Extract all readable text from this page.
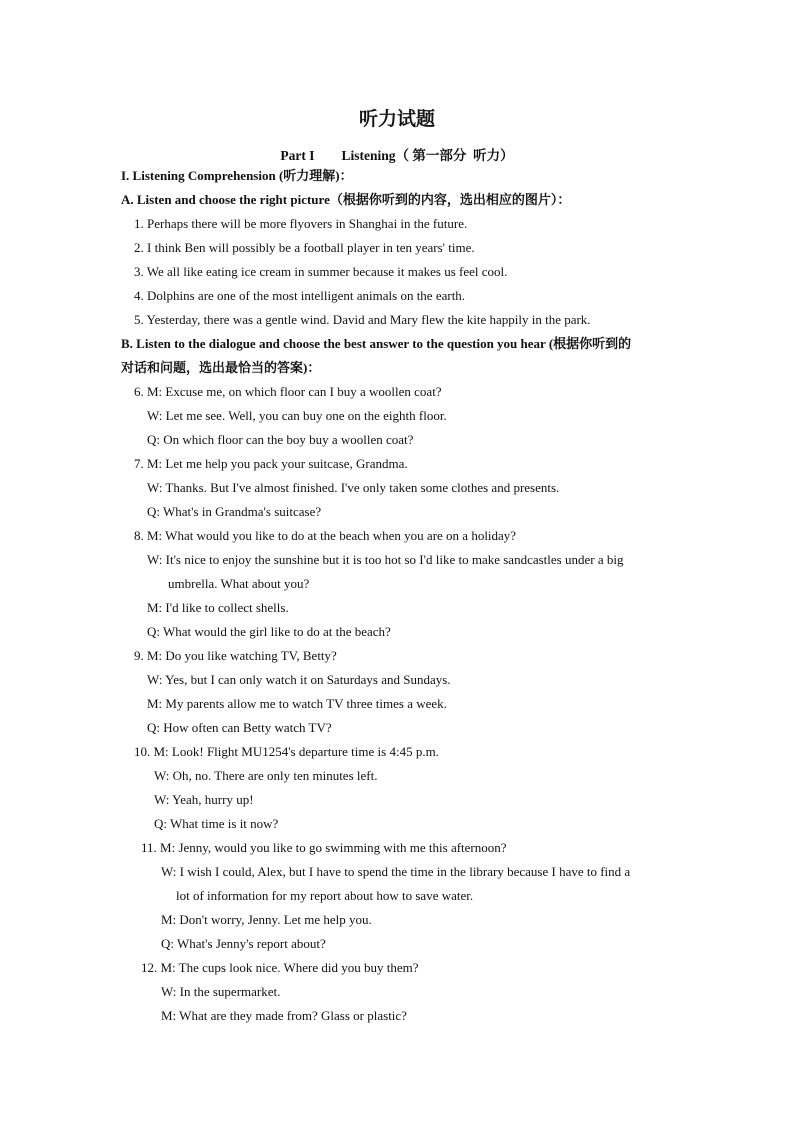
听力试题
Part I        Listening（ 第一部分  听力）
I. Listening Comprehension (听力理解)：
A. Listen and choose the right picture（根据你听到的内容，选出相应的图片）：
1. Perhaps there will be more flyovers in Shanghai in the future.
2. I think Ben will possibly be a football player in ten years' time.
3. We all like eating ice cream in summer because it makes us feel cool.
4. Dolphins are one of the most intelligent animals on the earth.
5. Yesterday, there was a gentle wind. David and Mary flew the kite happily in the park.
B. Listen to the dialogue and choose the best answer to the question you hear (根据你听到的
对话和问题，选出最恰当的答案)：
6. M: Excuse me, on which floor can I buy a woollen coat?
W: Let me see. Well, you can buy one on the eighth floor.
Q: On which floor can the boy buy a woollen coat?
7. M: Let me help you pack your suitcase, Grandma.
W: Thanks. But I've almost finished. I've only taken some clothes and presents.
Q: What's in Grandma's suitcase?
8. M: What would you like to do at the beach when you are on a holiday?
W: It's nice to enjoy the sunshine but it is too hot so I'd like to make sandcastles under a big
umbrella. What about you?
M: I'd like to collect shells.
Q: What would the girl like to do at the beach?
9. M: Do you like watching TV, Betty?
W: Yes, but I can only watch it on Saturdays and Sundays.
M: My parents allow me to watch TV three times a week.
Q: How often can Betty watch TV?
10. M: Look! Flight MU1254's departure time is 4:45 p.m.
W: Oh, no. There are only ten minutes left.
W: Yeah, hurry up!
Q: What time is it now?
11. M: Jenny, would you like to go swimming with me this afternoon?
W: I wish I could, Alex, but I have to spend the time in the library because I have to find a
lot of information for my report about how to save water.
M: Don't worry, Jenny. Let me help you.
Q: What's Jenny's report about?
12. M: The cups look nice. Where did you buy them?
W: In the supermarket.
M: What are they made from? Glass or plastic?
